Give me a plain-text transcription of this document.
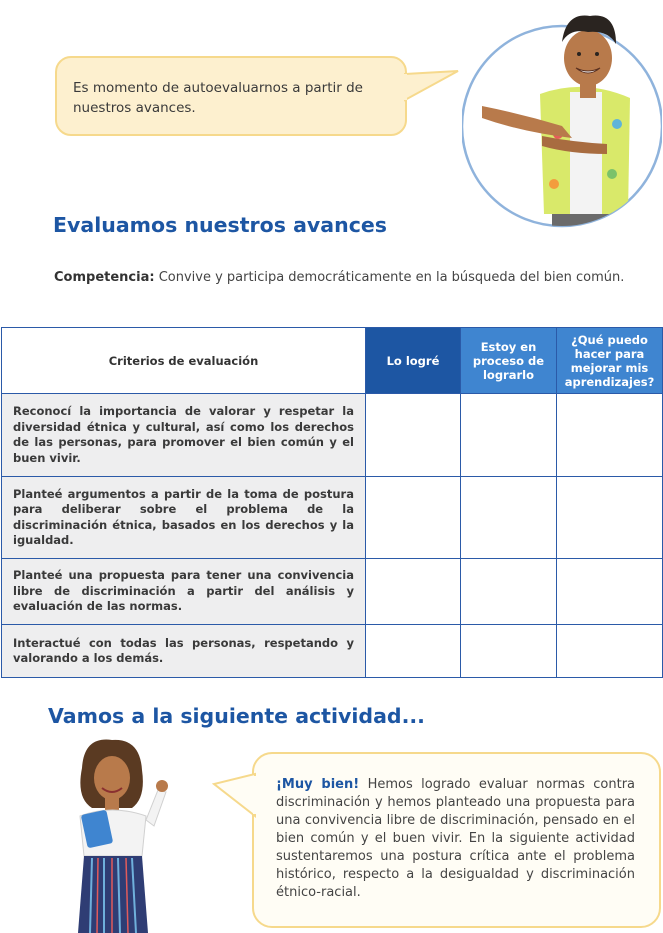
Es momento de autoevaluarnos a partir de nuestros avances.
Evaluamos nuestros avances
Competencia: Convive y participa democráticamente en la búsqueda del bien común.
Criterios de evaluación	Lo logré	Estoy en proceso de lograrlo	¿Qué puedo hacer para mejorar mis aprendizajes?
Reconocí la importancia de valorar y respetar la diversidad étnica y cultural, así como los derechos de las personas, para promover el bien común y el buen vivir.			
Planteé argumentos a partir de la toma de postura para deliberar sobre el problema de la discriminación étnica, basados en los derechos y la igualdad.			
Planteé una propuesta para tener una convivencia libre de discriminación a partir del análisis y evaluación de las normas.			
Interactué con todas las personas, respetando y valorando a los demás.			
Vamos a la siguiente actividad...
¡Muy bien! Hemos logrado evaluar normas contra discriminación y hemos planteado una propuesta para una convivencia libre de discriminación, pensado en el bien común y el buen vivir. En la siguiente actividad sustentaremos una postura crítica ante el problema histórico, respecto a la desigualdad y discriminación étnico-racial.
